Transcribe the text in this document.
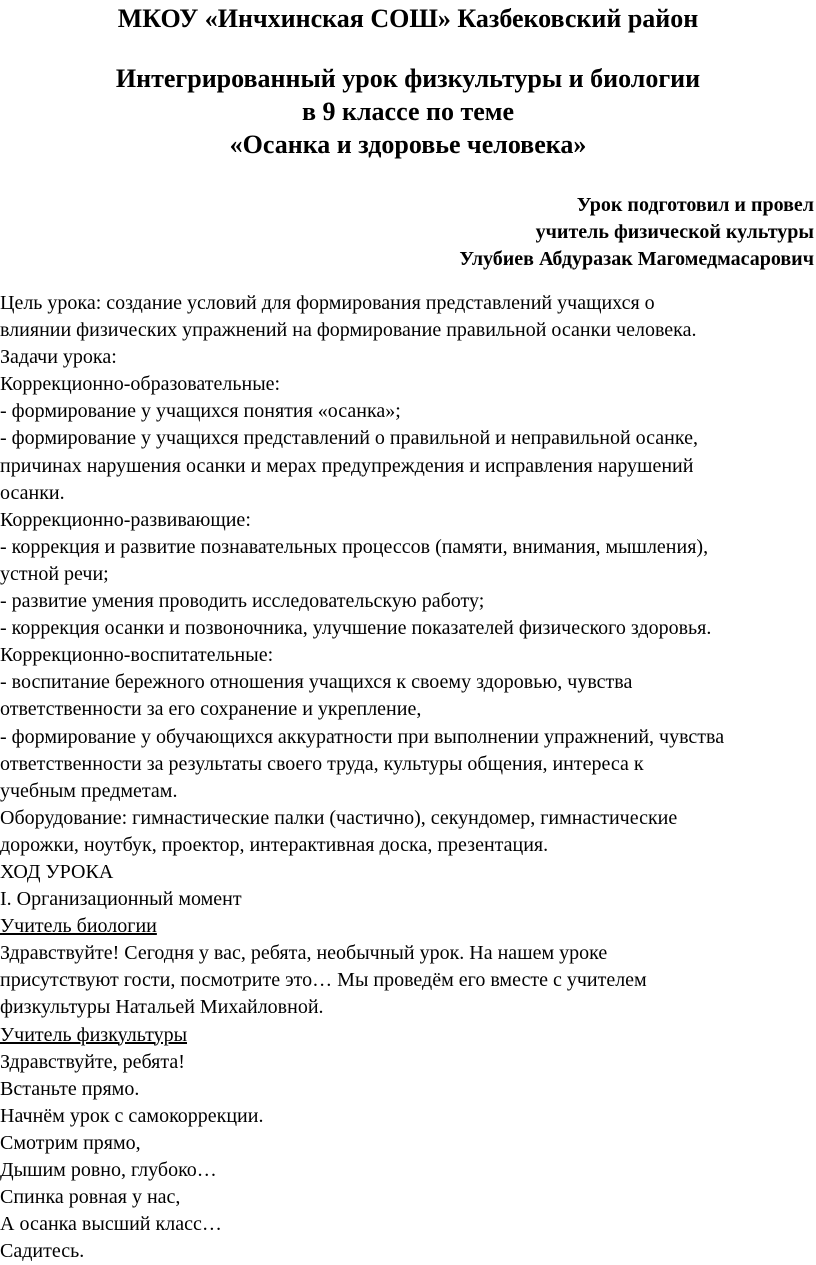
МКОУ «Инчхинская СОШ» Казбековский район
Интегрированный урок физкультуры и биологии
в 9 классе по теме
«Осанка и здоровье человека»
Урок подготовил и провел
учитель физической культуры
Улубиев Абдуразак Магомедмасарович
Цель урока: создание условий для формирования представлений учащихся о
влиянии физических упражнений на формирование правильной осанки человека.
Задачи урока:
Коррекционно-образовательные:
- формирование у учащихся понятия «осанка»;
- формирование у учащихся представлений о правильной и неправильной осанке,
причинах нарушения осанки и мерах предупреждения и исправления нарушений
осанки.
Коррекционно-развивающие:
- коррекция и развитие познавательных процессов (памяти, внимания, мышления),
устной речи;
- развитие умения проводить исследовательскую работу;
- коррекция осанки и позвоночника, улучшение показателей физического здоровья.
Коррекционно-воспитательные:
- воспитание бережного отношения учащихся к своему здоровью, чувства
ответственности за его сохранение и укрепление,
- формирование у обучающихся аккуратности при выполнении упражнений, чувства
ответственности за результаты своего труда, культуры общения, интереса к
учебным предметам.
Оборудование: гимнастические палки (частично), секундомер, гимнастические
дорожки, ноутбук, проектор, интерактивная доска, презентация.
ХОД УРОКА
I. Организационный момент
Учитель биологии
Здравствуйте! Сегодня у вас, ребята, необычный урок. На нашем уроке
присутствуют гости, посмотрите это… Мы проведём его вместе с учителем
физкультуры Натальей Михайловной.
Учитель физкультуры
Здравствуйте, ребята!
Встаньте прямо.
Начнём урок с самокоррекции.
Смотрим прямо,
Дышим ровно, глубоко…
Спинка ровная у нас,
А осанка высший класс…
Садитесь.
